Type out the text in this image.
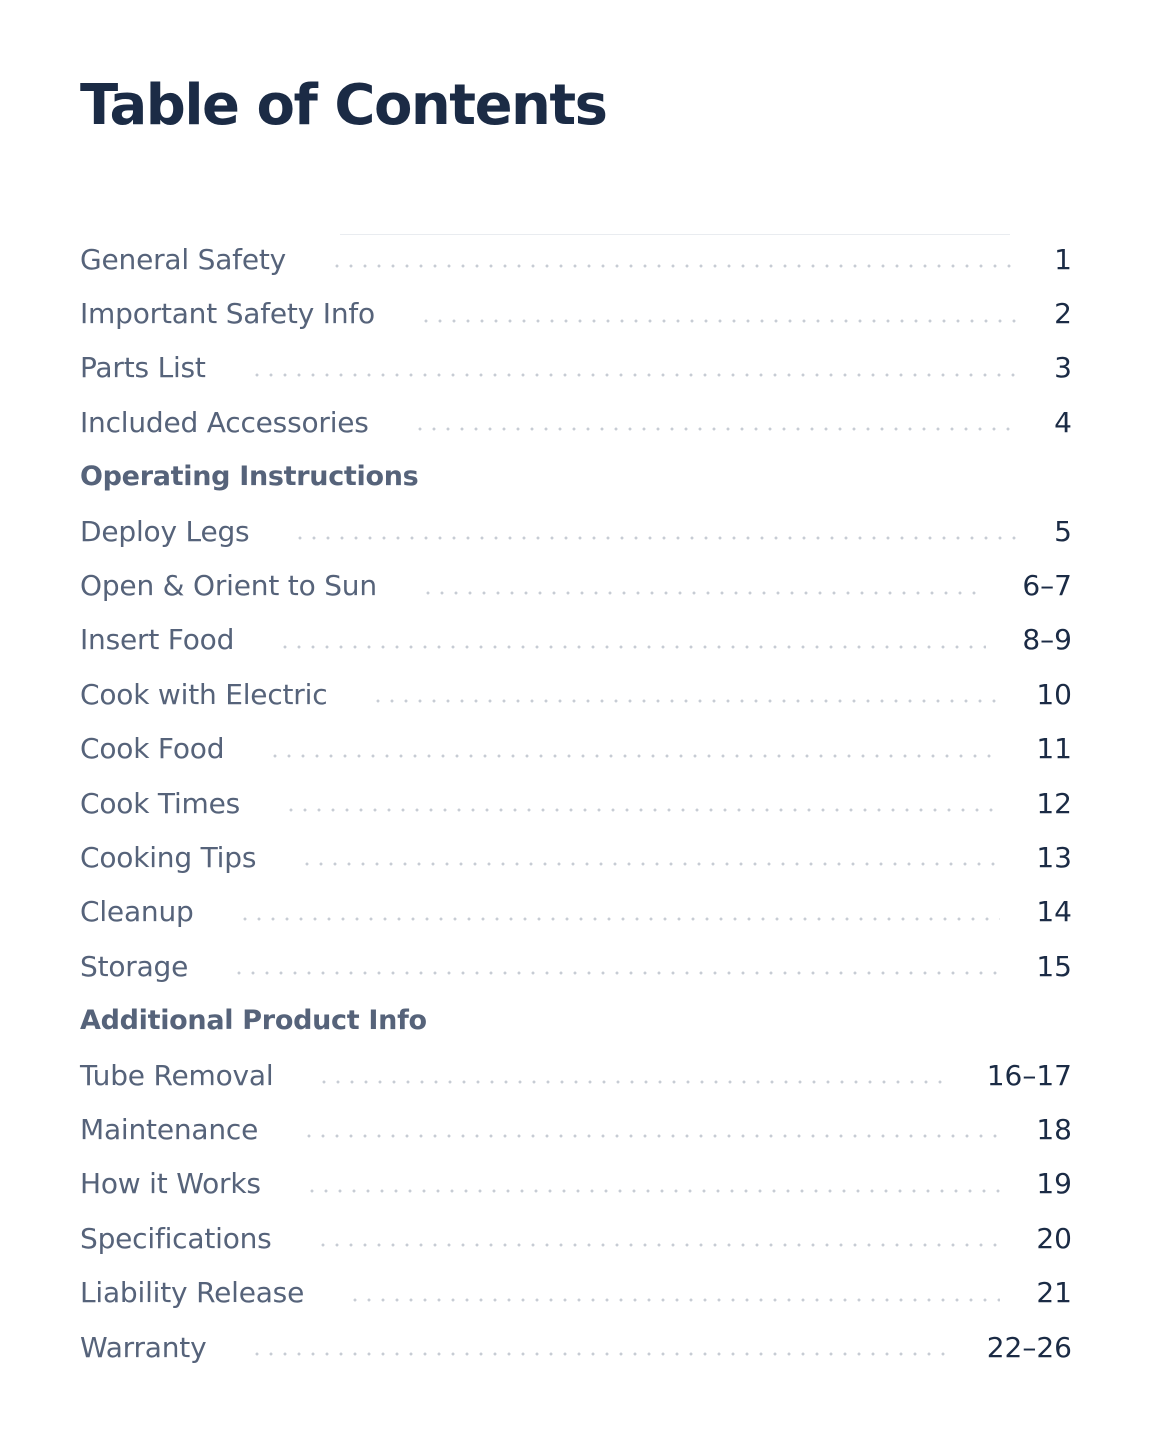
Table of Contents
General Safety	1
Important Safety Info	2
Parts List	3
Included Accessories	4
Operating Instructions
Deploy Legs	5
Open & Orient to Sun	6–7
Insert Food	8–9
Cook with Electric	10
Cook Food	11
Cook Times	12
Cooking Tips	13
Cleanup	14
Storage	15
Additional Product Info
Tube Removal	16–17
Maintenance	18
How it Works	19
Specifications	20
Liability Release	21
Warranty	22–26
